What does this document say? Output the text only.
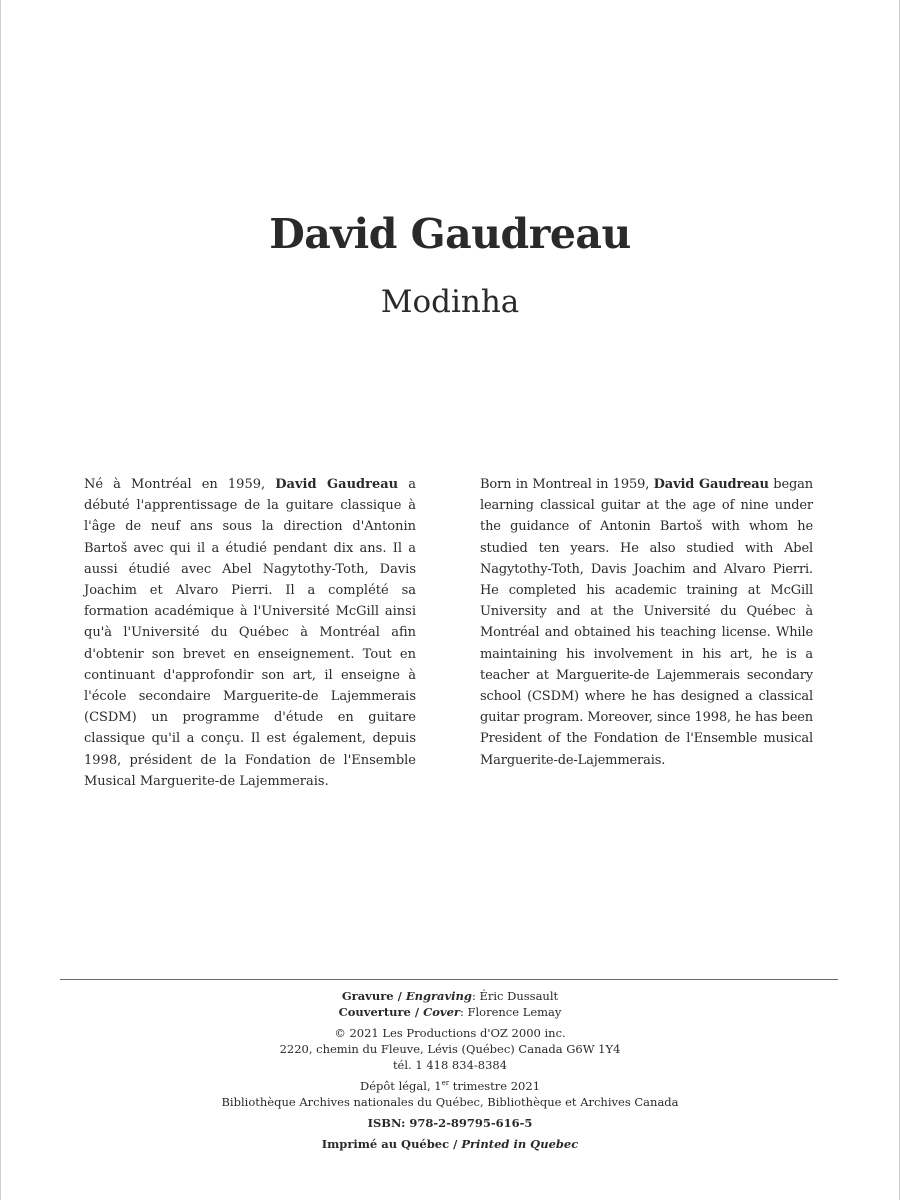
David Gaudreau
Modinha
Né à Montréal en 1959, David Gaudreau a débuté l'apprentissage de la guitare classique à l'âge de neuf ans sous la direction d'Antonin Bartoš avec qui il a étudié pendant dix ans. Il a aussi étudié avec Abel Nagytothy-Toth, Davis Joachim et Alvaro Pierri. Il a complété sa formation académique à l'Université McGill ainsi qu'à l'Université du Québec à Montréal afin d'obtenir son brevet en enseignement. Tout en continuant d'approfondir son art, il enseigne à l'école secondaire Marguerite-de Lajemmerais (CSDM) un programme d'étude en guitare classique qu'il a conçu. Il est également, depuis 1998, président de la Fondation de l'Ensemble Musical Marguerite-de Lajemmerais.
Born in Montreal in 1959, David Gaudreau began learning classical guitar at the age of nine under the guidance of Antonin Bartoš with whom he studied ten years. He also studied with Abel Nagytothy-Toth, Davis Joachim and Alvaro Pierri. He completed his academic training at McGill University and at the Université du Québec à Montréal and obtained his teaching license. While maintaining his involvement in his art, he is a teacher at Marguerite-de Lajemmerais secondary school (CSDM) where he has designed a classical guitar program. Moreover, since 1998, he has been President of the Fondation de l'Ensemble musical Marguerite-de-Lajemmerais.
Gravure / Engraving: Éric Dussault
Couverture / Cover: Florence Lemay
© 2021 Les Productions d'OZ 2000 inc.
2220, chemin du Fleuve, Lévis (Québec) Canada G6W 1Y4
tél. 1 418 834-8384
Dépôt légal, 1er trimestre 2021
Bibliothèque Archives nationales du Québec, Bibliothèque et Archives Canada
ISBN: 978-2-89795-616-5
Imprimé au Québec / Printed in Quebec
